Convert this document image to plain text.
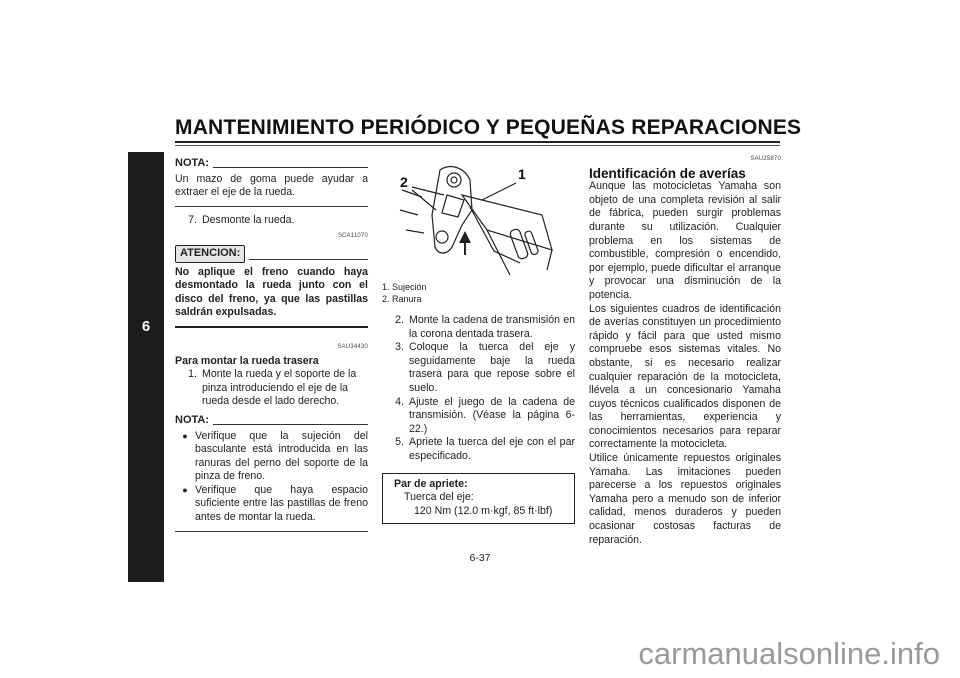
MANTENIMIENTO PERIÓDICO Y PEQUEÑAS REPARACIONES
6
NOTA:
Un mazo de goma puede ayudar a extraer el eje de la rueda.
7. Desmonte la rueda.
SCA11070
ATENCION:
No aplique el freno cuando haya desmontado la rueda junto con el disco del freno, ya que las pastillas saldrán expulsadas.
SAU34430
Para montar la rueda trasera
1. Monte la rueda y el soporte de la pinza introduciendo el eje de la rueda desde el lado derecho.
NOTA:
● Verifique que la sujeción del basculante está introducida en las ranuras del perno del soporte de la pinza de freno.
● Verifique que haya espacio suficiente entre las pastillas de freno antes de montar la rueda.
2	1
1. Sujeción
2. Ranura
2. Monte la cadena de transmisión en la corona dentada trasera.
3. Coloque la tuerca del eje y seguidamente baje la rueda trasera para que repose sobre el suelo.
4. Ajuste el juego de la cadena de transmisión. (Véase la página 6-22.)
5. Apriete la tuerca del eje con el par especificado.
Par de apriete:
Tuerca del eje:
120 Nm (12.0 m·kgf, 85 ft·lbf)
SAU25870
Identificación de averías
Aunque las motocicletas Yamaha son objeto de una completa revisión al salir de fábrica, pueden surgir problemas durante su utilización. Cualquier problema en los sistemas de combustible, compresión o encendido, por ejemplo, puede dificultar el arranque y provocar una disminución de la potencia.
Los siguientes cuadros de identificación de averías constituyen un procedimiento rápido y fácil para que usted mismo compruebe esos sistemas vitales. No obstante, si es necesario realizar cualquier reparación de la motocicleta, llévela a un concesionario Yamaha cuyos técnicos cualificados disponen de las herramientas, experiencia y conocimientos necesarios para reparar correctamente la motocicleta.
Utilice únicamente repuestos originales Yamaha. Las imitaciones pueden parecerse a los repuestos originales Yamaha pero a menudo son de inferior calidad, menos duraderos y pueden ocasionar costosas facturas de reparación.
6-37
carmanualsonline.info
